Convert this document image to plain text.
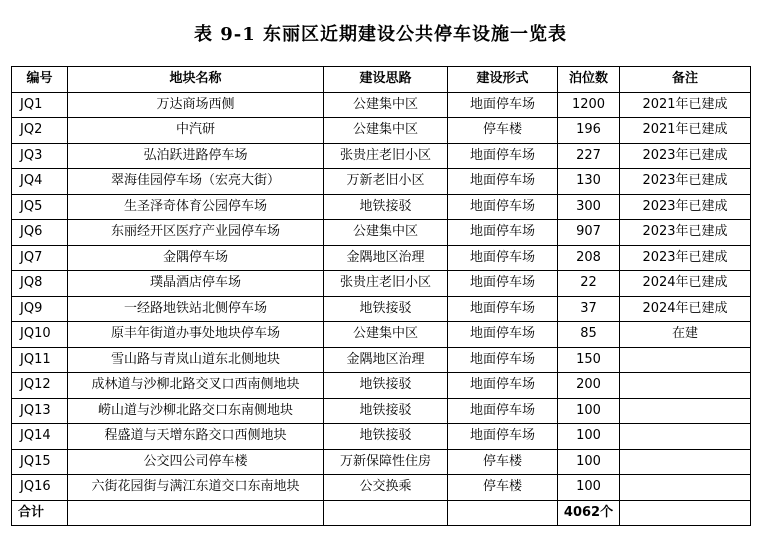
表 9-1 东丽区近期建设公共停车设施一览表
编号	地块名称	建设思路	建设形式	泊位数	备注
JQ1	万达商场西侧	公建集中区	地面停车场	1200	2021年已建成
JQ2	中汽研	公建集中区	停车楼	196	2021年已建成
JQ3	弘泊跃进路停车场	张贵庄老旧小区	地面停车场	227	2023年已建成
JQ4	翠海佳园停车场（宏亮大街）	万新老旧小区	地面停车场	130	2023年已建成
JQ5	生圣泽奇体育公园停车场	地铁接驳	地面停车场	300	2023年已建成
JQ6	东丽经开区医疗产业园停车场	公建集中区	地面停车场	907	2023年已建成
JQ7	金隅停车场	金隅地区治理	地面停车场	208	2023年已建成
JQ8	璞晶酒店停车场	张贵庄老旧小区	地面停车场	22	2024年已建成
JQ9	一经路地铁站北侧停车场	地铁接驳	地面停车场	37	2024年已建成
JQ10	原丰年街道办事处地块停车场	公建集中区	地面停车场	85	在建
JQ11	雪山路与青岚山道东北侧地块	金隅地区治理	地面停车场	150	
JQ12	成林道与沙柳北路交叉口西南侧地块	地铁接驳	地面停车场	200	
JQ13	崂山道与沙柳北路交口东南侧地块	地铁接驳	地面停车场	100	
JQ14	程盛道与天增东路交口西侧地块	地铁接驳	地面停车场	100	
JQ15	公交四公司停车楼	万新保障性住房	停车楼	100	
JQ16	六街花园街与满江东道交口东南地块	公交换乘	停车楼	100	
合计				4062个	
